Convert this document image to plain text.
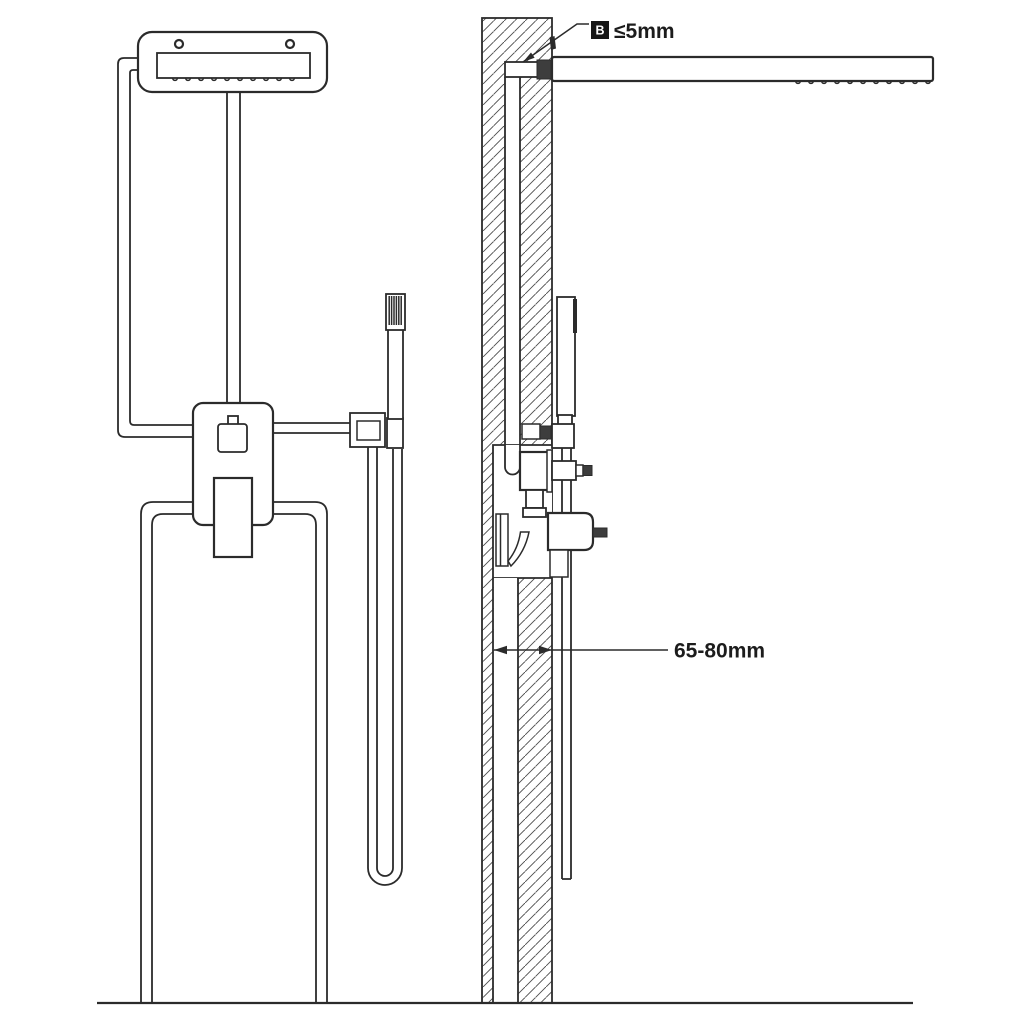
B ≤5mm
65-80mm
